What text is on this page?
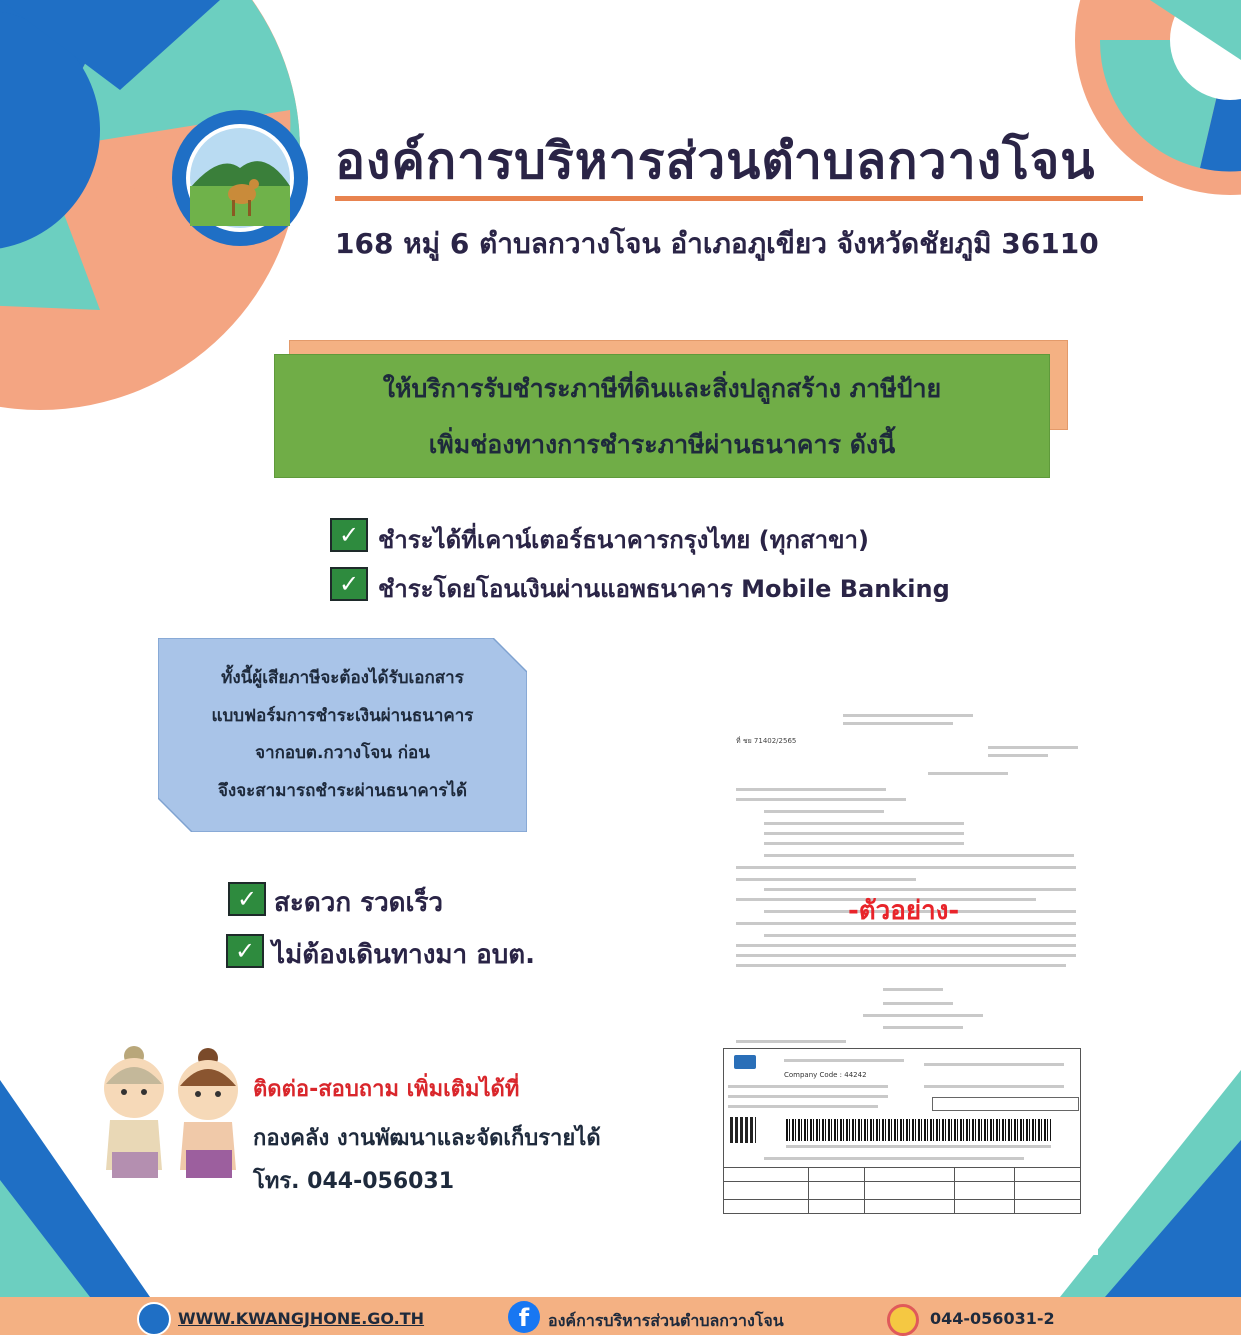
องค์การบริหารส่วนตำบลกวางโจน
168 หมู่ 6 ตำบลกวางโจน อำเภอภูเขียว จังหวัดชัยภูมิ 36110
ให้บริการรับชำระภาษีที่ดินและสิ่งปลูกสร้าง ภาษีป้าย
เพิ่มช่องทางการชำระภาษีผ่านธนาคาร ดังนี้
✓ ชำระได้ที่เคาน์เตอร์ธนาคารกรุงไทย (ทุกสาขา)
✓ ชำระโดยโอนเงินผ่านแอพธนาคาร Mobile Banking
ทั้งนี้ผู้เสียภาษีจะต้องได้รับเอกสาร
แบบฟอร์มการชำระเงินผ่านธนาคาร
จากอบต.กวางโจน ก่อน
จึงจะสามารถชำระผ่านธนาคารได้
✓ สะดวก รวดเร็ว
✓ ไม่ต้องเดินทางมา อบต.
ที่ ชย 71402/2565
Company Code : 44242
-ตัวอย่าง-
ติดต่อ-สอบถาม เพิ่มเติมได้ที่
กองคลัง งานพัฒนาและจัดเก็บรายได้
โทร. 044-056031
WWW.KWANGJHONE.GO.TH	f	องค์การบริหารส่วนตำบลกวางโจน	044-056031-2
